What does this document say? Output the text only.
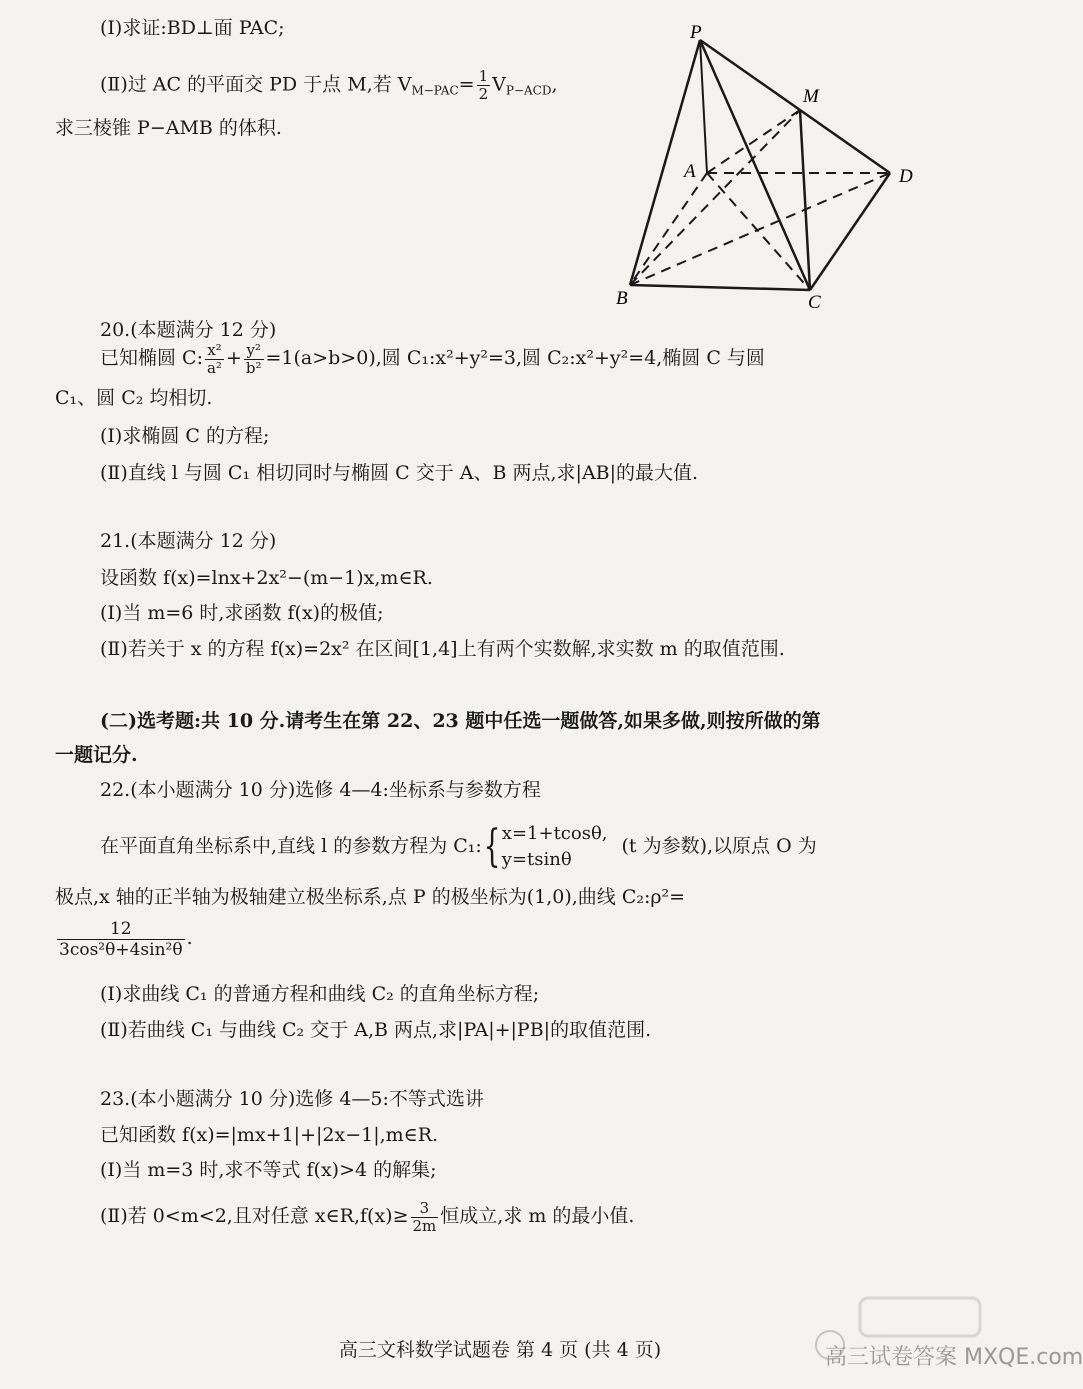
(Ⅰ)求证:BD⊥面 PAC;
(Ⅱ)过 AC 的平面交 PD 于点 M,若 $V_{M-PAC}= \frac{1}{2} V_{P-ACD}$,
求三棱锥 P−AMB 的体积.
P
M
A	D
B	C
20.(本题满分 12 分)
已知椭圆 C: $\frac{\text{x²}}{\text{a²}} + \frac{\text{y²}}{\text{b²}} =1(a>b>0)$,圆 C₁:x²+y²=3,圆 C₂:x²+y²=4,椭圆 C 与圆
C₁、圆 C₂ 均相切.
(Ⅰ)求椭圆 C 的方程;
(Ⅱ)直线 l 与圆 C₁ 相切同时与椭圆 C 交于 A、B 两点,求|AB|的最大值.
21.(本题满分 12 分)
设函数 f(x)=lnx+2x²−(m−1)x,m∈R.
(Ⅰ)当 m=6 时,求函数 f(x)的极值;
(Ⅱ)若关于 x 的方程 f(x)=2x² 在区间[1,4]上有两个实数解,求实数 m 的取值范围.
(二)选考题:共 10 分.请考生在第 22、23 题中任选一题做答,如果多做,则按所做的第
一题记分.
22.(本小题满分 10 分)选修 4—4:坐标系与参数方程
在平面直角坐标系中,直线 l 的参数方程为 C₁:{ x=1+tcosθ,
y=tsinθ
(t 为参数),以原点 O 为
极点,x 轴的正半轴为极轴建立极坐标系,点 P 的极坐标为(1,0),曲线 C₂:ρ²=
$\frac{12}{\text{3cos²θ+4sin²θ}}$ .
(Ⅰ)求曲线 C₁ 的普通方程和曲线 C₂ 的直角坐标方程;
(Ⅱ)若曲线 C₁ 与曲线 C₂ 交于 A,B 两点,求|PA|+|PB|的取值范围.
23.(本小题满分 10 分)选修 4—5:不等式选讲
已知函数 f(x)=|mx+1|+|2x−1|,m∈R.
(Ⅰ)当 m=3 时,求不等式 f(x)>4 的解集;
(Ⅱ)若 0<m<2,且对任意 x∈R,f(x)≥ $\frac{3}{2m}$ 恒成立,求 m 的最小值.
高三文科数学试题卷 第 4 页 (共 4 页)	高三试卷答案 MXQE.com
